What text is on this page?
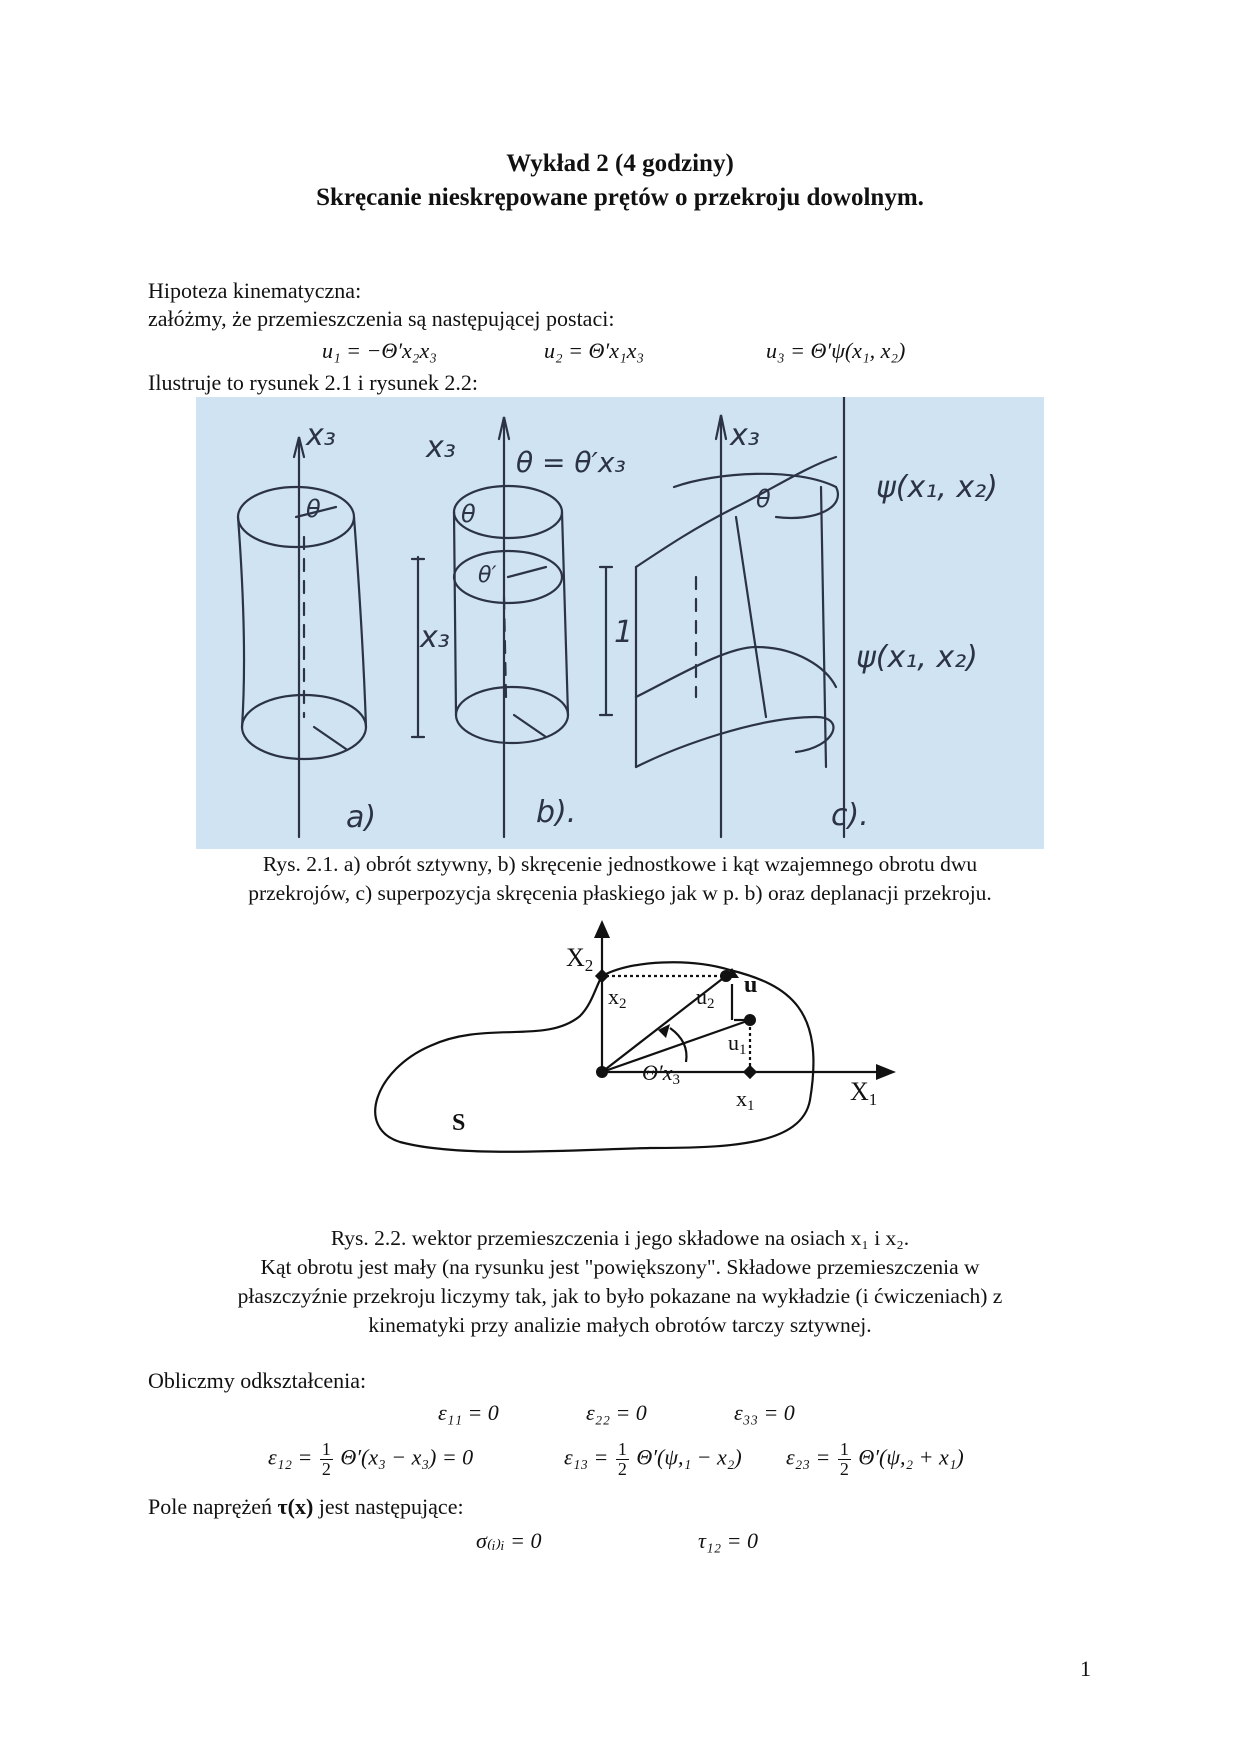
Wykład 2 (4 godziny)
Skręcanie nieskrępowane prętów o przekroju dowolnym.
Hipoteza kinematyczna:
załóżmy, że przemieszczenia są następującej postaci:
u₁ = −Θ′x₂x₃	u₂ = Θ′x₁x₃	u₃ = Θ′ψ(x₁, x₂)
Ilustruje to rysunek 2.1 i rysunek 2.2:
x₃
θ
x₃ θ = θ′x₃
θ
θ′
x₃	1
x₃
θ	ψ(x₁, x₂)
ψ(x₁, x₂)
a)	b).	c).
Rys. 2.1. a) obrót sztywny, b) skręcenie jednostkowe i kąt wzajemnego obrotu dwu
przekrojów, c) superpozycja skręcenia płaskiego jak w p. b) oraz deplanacji przekroju.
X2
X1
x2
x1
u2
u1
u
Θ′x3
S
Rys. 2.2. wektor przemieszczenia i jego składowe na osiach x₁ i x₂.
Kąt obrotu jest mały (na rysunku jest "powiększony". Składowe przemieszczenia w
płaszczyźnie przekroju liczymy tak, jak to było pokazane na wykładzie (i ćwiczeniach) z
kinematyki przy analizie małych obrotów tarczy sztywnej.
Obliczmy odkształcenia:
ε₁₁ = 0	ε₂₂ = 0	ε₃₃ = 0
$\varepsilon_{12} = \frac{1}{2} \Theta'(x_3 - x_3) = 0$	$\varepsilon_{13} = \frac{1}{2} \Theta'(\psi,_1 - x_2) \varepsilon_{23} = \frac{1}{2} \Theta'(\psi,_2 + x_1)$
Pole naprężeń τ(x) jest następujące:
σ₍ᵢ₎ᵢ = 0	τ₁₂ = 0
1
